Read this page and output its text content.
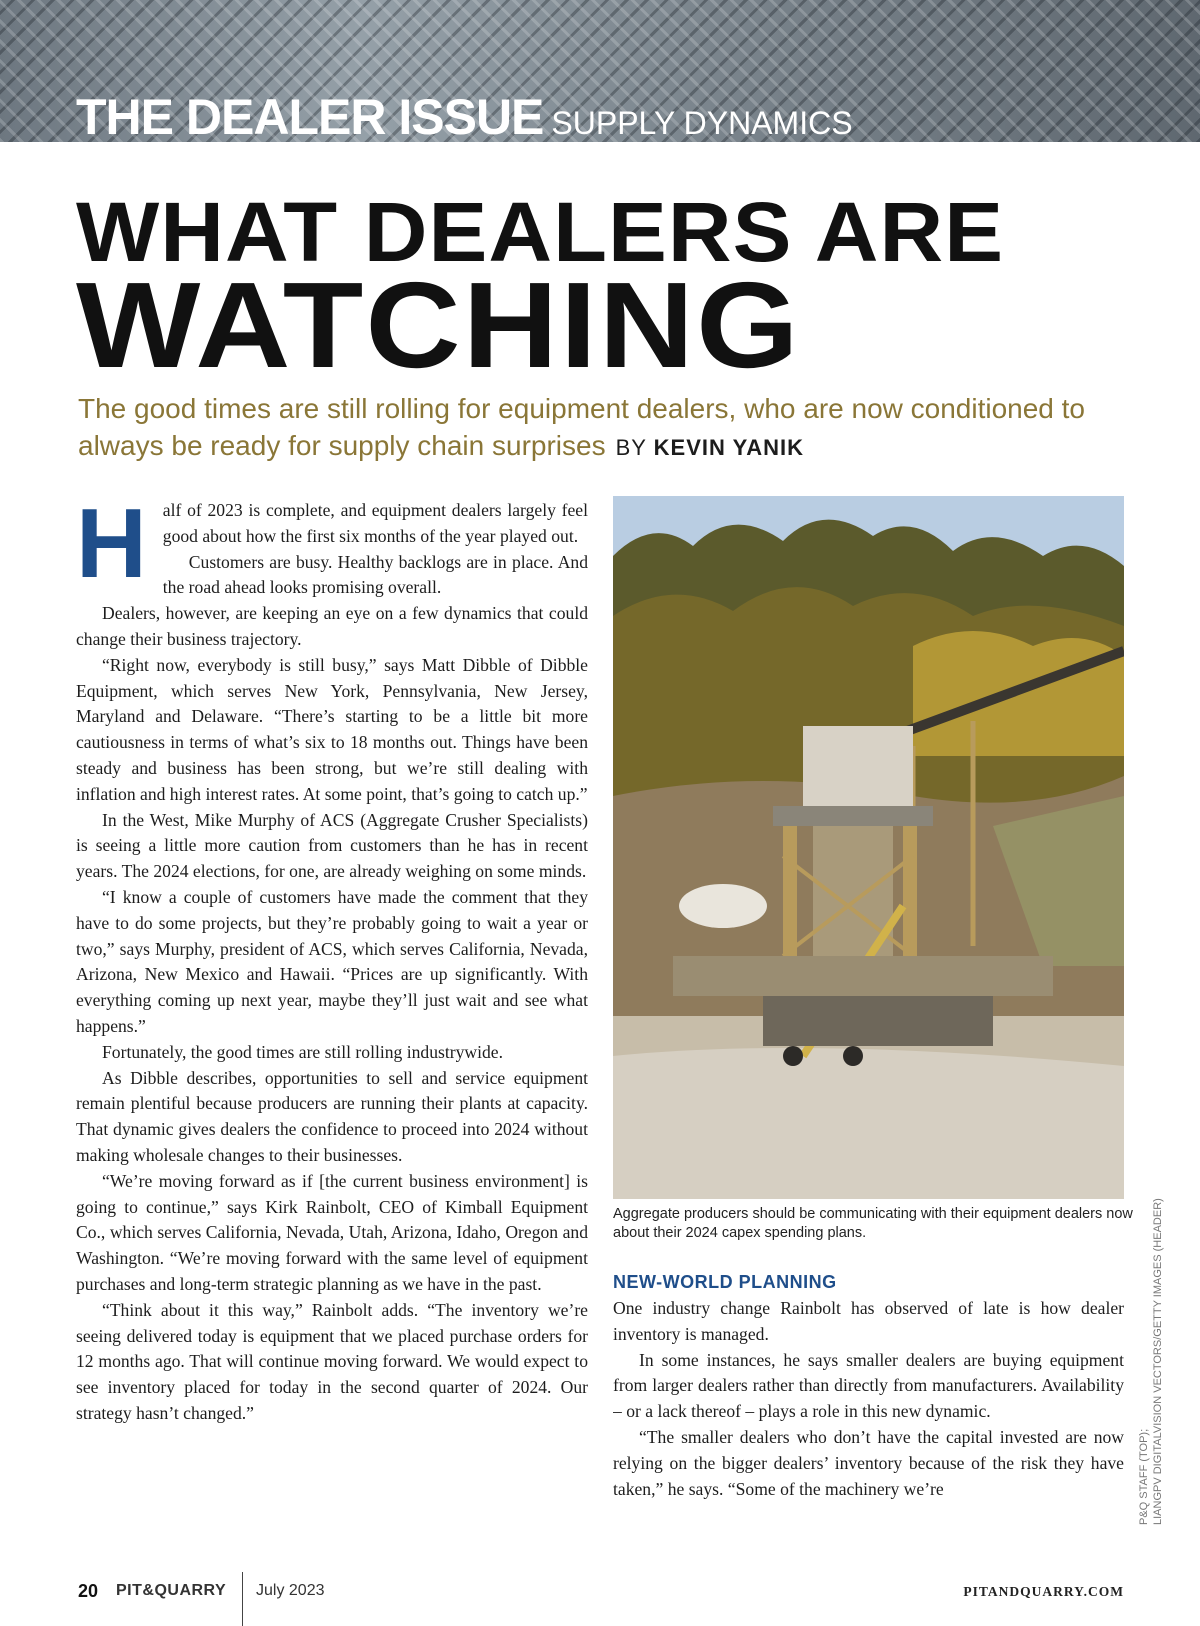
THE DEALER ISSUE SUPPLY DYNAMICS
WHAT DEALERS ARE
WATCHING

The good times are still rolling for equipment dealers, who are now conditioned to always be ready for supply chain surprises BY KEVIN YANIK

H alf of 2023 is complete, and equipment dealers largely feel good about how the first six months of the year played out.

Customers are busy. Healthy backlogs are in place. And the road ahead looks promising overall.

Dealers, however, are keeping an eye on a few dynamics that could change their business trajectory.

“Right now, everybody is still busy,” says Matt Dibble of Dibble Equipment, which serves New York, Pennsylvania, New Jersey, Maryland and Delaware. “There’s starting to be a little bit more cautiousness in terms of what’s six to 18 months out. Things have been steady and business has been strong, but we’re still dealing with inflation and high interest rates. At some point, that’s going to catch up.”

In the West, Mike Murphy of ACS (Aggregate Crusher Specialists) is seeing a little more caution from customers than he has in recent years. The 2024 elections, for one, are already weighing on some minds.

“I know a couple of customers have made the comment that they have to do some projects, but they’re probably going to wait a year or two,” says Murphy, president of ACS, which serves California, Nevada, Arizona, New Mexico and Hawaii. “Prices are up significantly. With everything coming up next year, maybe they’ll just wait and see what happens.”

Fortunately, the good times are still rolling industrywide.

As Dibble describes, opportunities to sell and service equipment remain plentiful because producers are running their plants at capacity. That dynamic gives dealers the confidence to proceed into 2024 without making wholesale changes to their businesses.

“We’re moving forward as if [the current business environment] is going to continue,” says Kirk Rainbolt, CEO of Kimball Equipment Co., which serves California, Nevada, Utah, Arizona, Idaho, Oregon and Washington. “We’re moving forward with the same level of equipment purchases and long-term strategic planning as we have in the past.

“Think about it this way,” Rainbolt adds. “The inventory we’re seeing delivered today is equipment that we placed purchase orders for 12 months ago. That will continue moving forward. We would expect to see inventory placed for today in the second quarter of 2024. Our strategy hasn’t changed.”

Aggregate producers should be communicating with their equipment dealers now about their 2024 capex spending plans.

NEW-WORLD PLANNING

One industry change Rainbolt has observed of late is how dealer inventory is managed.

In some instances, he says smaller dealers are buying equipment from larger dealers rather than directly from manufacturers. Availability – or a lack thereof – plays a role in this new dynamic.

“The smaller dealers who don’t have the capital invested are now relying on the bigger dealers’ inventory because of the risk they have taken,” he says. “Some of the machinery we’re	P&Q STAFF (TOP); LIANGPV DIGITALVISION VECTORS/GETTY IMAGES (HEADER)
20 PIT&QUARRY July 2023	PITANDQUARRY.COM
